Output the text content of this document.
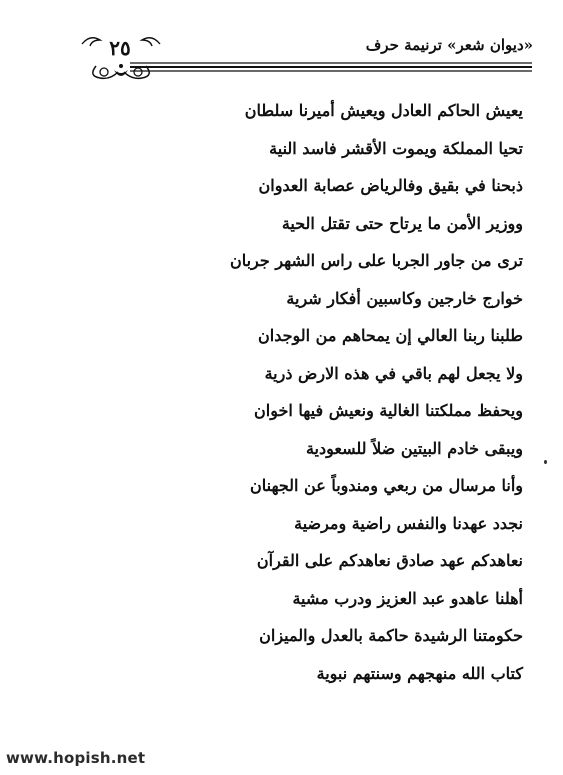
٢٥	«ديوان شعر» ترنيمة حرف
يعيش الحاكم العادل ويعيش أميرنا سلطان
تحيا المملكة ويموت الأقشر فاسد النية
ذبحنا في بقيق وفالرياض عصابة العدوان
ووزير الأمن ما يرتاح حتى تقتل الحية
ترى من جاور الجربا على راس الشهر جربان
خوارج خارجين وكاسبين أفكار شرية
طلبنا ربنا العالي إن يمحاهم من الوجدان
ولا يجعل لهم باقي في هذه الارض ذرية
ويحفظ مملكتنا الغالية ونعيش فيها اخوان
ويبقى خادم البيتين ضلاً للسعودية
وأنا مرسال من ربعي ومندوباً عن الجهنان
نجدد عهدنا والنفس راضية ومرضية
نعاهدكم عهد صادق نعاهدكم على القرآن
أهلنا عاهدو عبد العزيز ودرب مشية
حكومتنا الرشيدة حاكمة بالعدل والميزان
كتاب الله منهجهم وسنتهم نبوية
www.hopish.net
